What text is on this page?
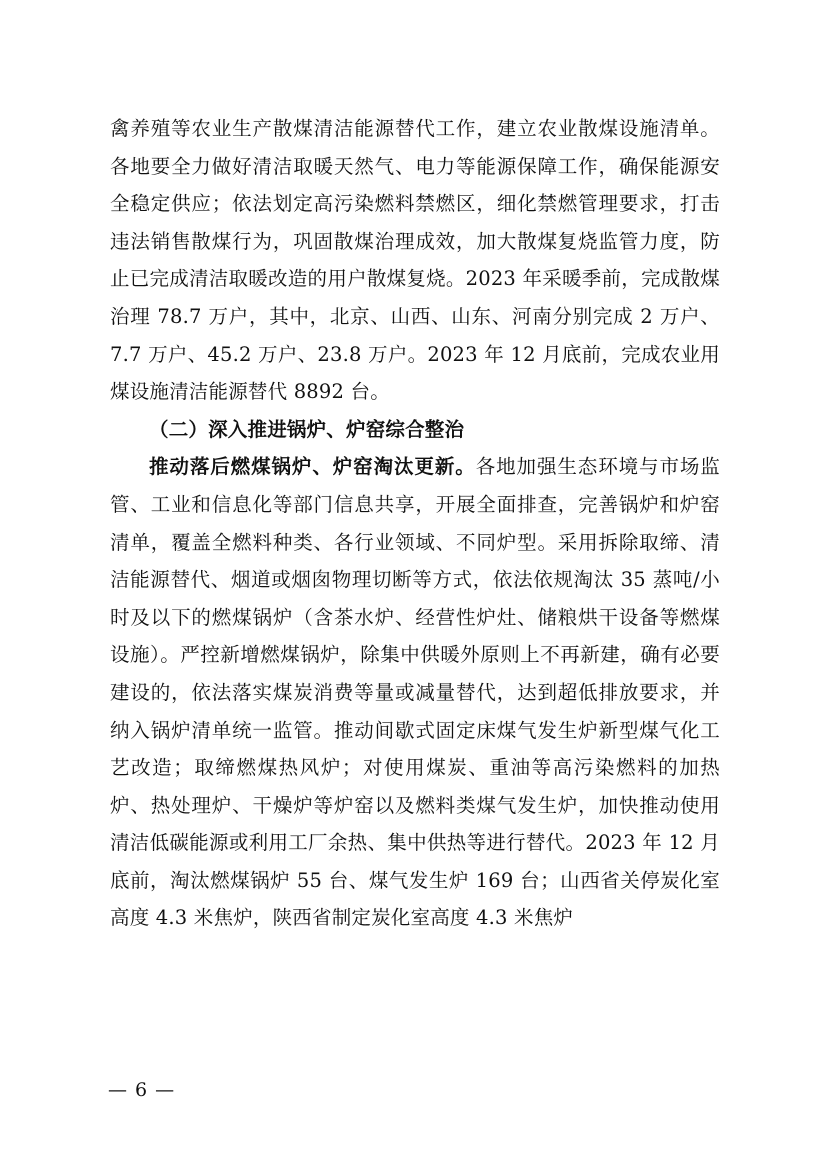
禽养殖等农业生产散煤清洁能源替代工作，建立农业散煤设施清单。各地要全力做好清洁取暖天然气、电力等能源保障工作，确保能源安全稳定供应；依法划定高污染燃料禁燃区，细化禁燃管理要求，打击违法销售散煤行为，巩固散煤治理成效，加大散煤复烧监管力度，防止已完成清洁取暖改造的用户散煤复烧。2023 年采暖季前，完成散煤治理 78.7 万户，其中，北京、山西、山东、河南分别完成 2 万户、7.7 万户、45.2 万户、23.8 万户。2023 年 12 月底前，完成农业用煤设施清洁能源替代 8892 台。

（二）深入推进锅炉、炉窑综合整治

推动落后燃煤锅炉、炉窑淘汰更新。各地加强生态环境与市场监管、工业和信息化等部门信息共享，开展全面排查，完善锅炉和炉窑清单，覆盖全燃料种类、各行业领域、不同炉型。采用拆除取缔、清洁能源替代、烟道或烟囱物理切断等方式，依法依规淘汰 35 蒸吨/小时及以下的燃煤锅炉（含茶水炉、经营性炉灶、储粮烘干设备等燃煤设施）。严控新增燃煤锅炉，除集中供暖外原则上不再新建，确有必要建设的，依法落实煤炭消费等量或减量替代，达到超低排放要求，并纳入锅炉清单统一监管。推动间歇式固定床煤气发生炉新型煤气化工艺改造；取缔燃煤热风炉；对使用煤炭、重油等高污染燃料的加热炉、热处理炉、干燥炉等炉窑以及燃料类煤气发生炉，加快推动使用清洁低碳能源或利用工厂余热、集中供热等进行替代。2023 年 12 月底前，淘汰燃煤锅炉 55 台、煤气发生炉 169 台；山西省关停炭化室高度 4.3 米焦炉，陕西省制定炭化室高度 4.3 米焦炉

— 6 —
